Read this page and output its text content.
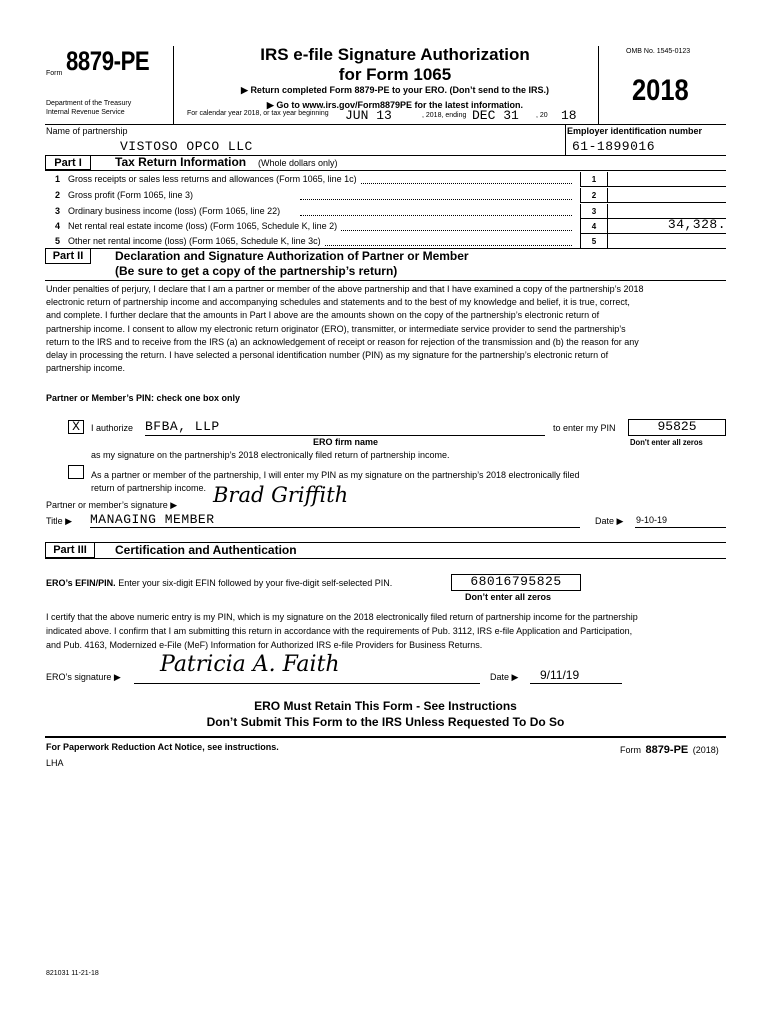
Form 8879-PE
Department of the Treasury
Internal Revenue Service
IRS e-file Signature Authorization
for Form 1065
▶ Return completed Form 8879-PE to your ERO. (Don’t send to the IRS.)
▶ Go to www.irs.gov/Form8879PE for the latest information.
For calendar year 2018, or tax year beginning JUN 13	, 2018, ending DEC 31 , 20 18
OMB No. 1545-0123
2018
Name of partnership
VISTOSO OPCO LLC
Employer identification number
61-1899016
Part I	Tax Return Information (Whole dollars only)
1 Gross receipts or sales less returns and allowances (Form 1065, line 1c)	1
2 Gross profit (Form 1065, line 3)	2
3 Ordinary business income (loss) (Form 1065, line 22)	3
4 Net rental real estate income (loss) (Form 1065, Schedule K, line 2)	4	34,328.
5 Other net rental income (loss) (Form 1065, Schedule K, line 3c)	5
Part II	Declaration and Signature Authorization of Partner or Member
(Be sure to get a copy of the partnership’s return)
Under penalties of perjury, I declare that I am a partner or member of the above partnership and that I have examined a copy of the partnership’s 2018
electronic return of partnership income and accompanying schedules and statements and to the best of my knowledge and belief, it is true, correct,
and complete. I further declare that the amounts in Part I above are the amounts shown on the copy of the partnership’s electronic return of
partnership income. I consent to allow my electronic return originator (ERO), transmitter, or intermediate service provider to send the partnership’s
return to the IRS and to receive from the IRS (a) an acknowledgement of receipt or reason for rejection of the transmission and (b) the reason for any
delay in processing the return. I have selected a personal identification number (PIN) as my signature for the partnership’s electronic return of
partnership income.
Partner or Member’s PIN: check one box only
X	I authorize BFBA, LLP
ERO firm name
to enter my PIN	95825
Don't enter all zeros
as my signature on the partnership’s 2018 electronically filed return of partnership income.
As a partner or member of the partnership, I will enter my PIN as my signature on the partnership’s 2018 electronically filed
return of partnership income.
Partner or member’s signature ▶ Brad Griffith
Title ▶ MANAGING MEMBER	Date ▶ 9-10-19
Part III	Certification and Authentication
ERO’s EFIN/PIN. Enter your six-digit EFIN followed by your five-digit self-selected PIN.	68016795825
Don’t enter all zeros
I certify that the above numeric entry is my PIN, which is my signature on the 2018 electronically filed return of partnership income for the partnership
indicated above. I confirm that I am submitting this return in accordance with the requirements of Pub. 3112, IRS e-file Application and Participation,
and Pub. 4163, Modernized e-File (MeF) Information for Authorized IRS e-file Providers for Business Returns.
ERO’s signature ▶ Patricia A. Faith	Date ▶ 9/11/19
ERO Must Retain This Form - See Instructions
Don’t Submit This Form to the IRS Unless Requested To Do So
For Paperwork Reduction Act Notice, see instructions.	Form 8879-PE (2018)
LHA
821031 11-21-18
